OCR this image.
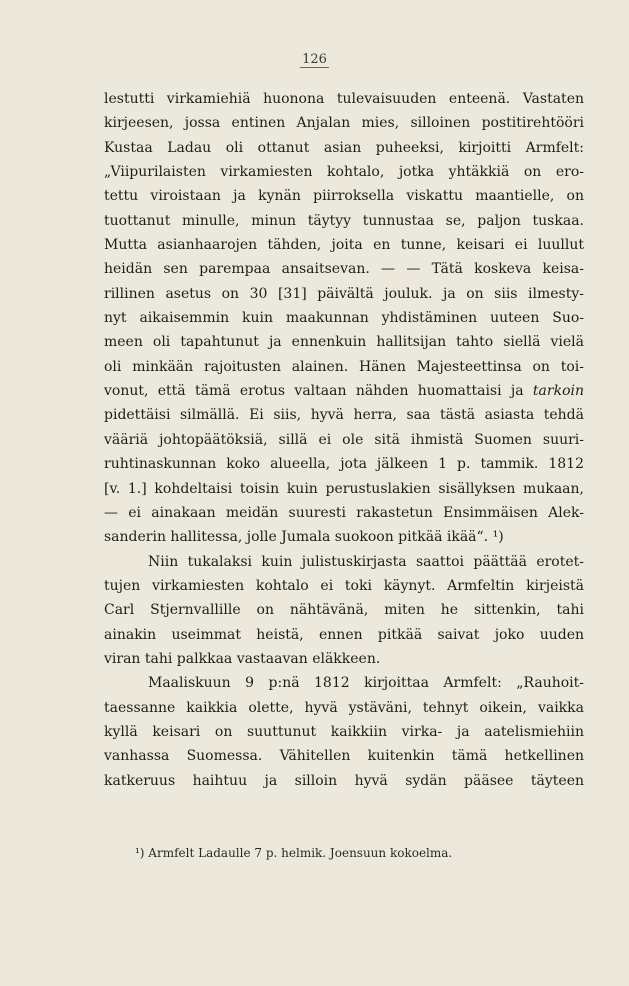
126
lestutti virkamiehiä huonona tulevaisuuden enteenä. Vastaten
kirjeesen, jossa entinen Anjalan mies, silloinen postitirehtööri
Kustaa Ladau oli ottanut asian puheeksi, kirjoitti Armfelt:
„Viipurilaisten virkamiesten kohtalo, jotka yhtäkkiä on ero-
tettu viroistaan ja kynän piirroksella viskattu maantielle, on
tuottanut minulle, minun täytyy tunnustaa se, paljon tuskaa.
Mutta asianhaarojen tähden, joita en tunne, keisari ei luullut
heidän sen parempaa ansaitsevan. — — Tätä koskeva keisa-
rillinen asetus on 30 [31] päivältä jouluk. ja on siis ilmesty-
nyt aikaisemmin kuin maakunnan yhdistäminen uuteen Suo-
meen oli tapahtunut ja ennenkuin hallitsijan tahto siellä vielä
oli minkään rajoitusten alainen. Hänen Majesteettinsa on toi-
vonut, että tämä erotus valtaan nähden huomattaisi ja tarkoin
pidettäisi silmällä. Ei siis, hyvä herra, saa tästä asiasta tehdä
vääriä johtopäätöksiä, sillä ei ole sitä ihmistä Suomen suuri-
ruhtinaskunnan koko alueella, jota jälkeen 1 p. tammik. 1812
[v. 1.] kohdeltaisi toisin kuin perustuslakien sisällyksen mukaan,
— ei ainakaan meidän suuresti rakastetun Ensimmäisen Alek-
sanderin hallitessa, jolle Jumala suokoon pitkää ikää“. ¹)
Niin tukalaksi kuin julistuskirjasta saattoi päättää erotet-
tujen virkamiesten kohtalo ei toki käynyt. Armfeltin kirjeistä
Carl Stjernvallille on nähtävänä, miten he sittenkin, tahi
ainakin useimmat heistä, ennen pitkää saivat joko uuden
viran tahi palkkaa vastaavan eläkkeen.
Maaliskuun 9 p:nä 1812 kirjoittaa Armfelt: „Rauhoit-
taessanne kaikkia olette, hyvä ystäväni, tehnyt oikein, vaikka
kyllä keisari on suuttunut kaikkiin virka- ja aatelismiehiin
vanhassa Suomessa. Vähitellen kuitenkin tämä hetkellinen
katkeruus haihtuu ja silloin hyvä sydän pääsee täyteen
¹) Armfelt Ladaulle 7 p. helmik. Joensuun kokoelma.
